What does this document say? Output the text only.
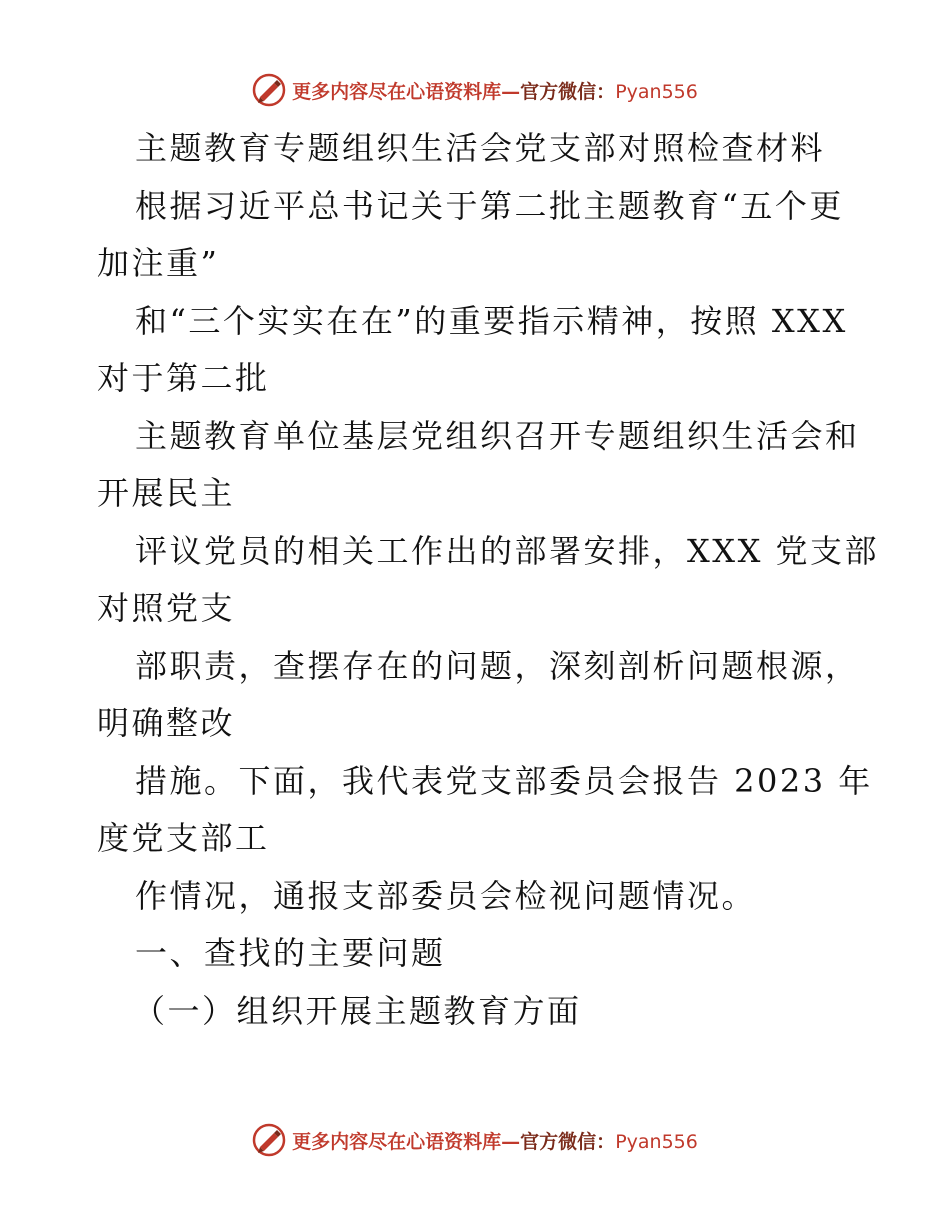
更多内容尽在心语资料库—官方微信：Pyan556
主题教育专题组织生活会党支部对照检查材料
根据习近平总书记关于第二批主题教育“五个更
加注重”
和“三个实实在在”的重要指示精神，按照 XXX
对于第二批
主题教育单位基层党组织召开专题组织生活会和
开展民主
评议党员的相关工作出的部署安排，XXX 党支部
对照党支
部职责，查摆存在的问题，深刻剖析问题根源，
明确整改
措施。下面，我代表党支部委员会报告 2023 年
度党支部工
作情况，通报支部委员会检视问题情况。
一、查找的主要问题
（一）组织开展主题教育方面
更多内容尽在心语资料库—官方微信：Pyan556
